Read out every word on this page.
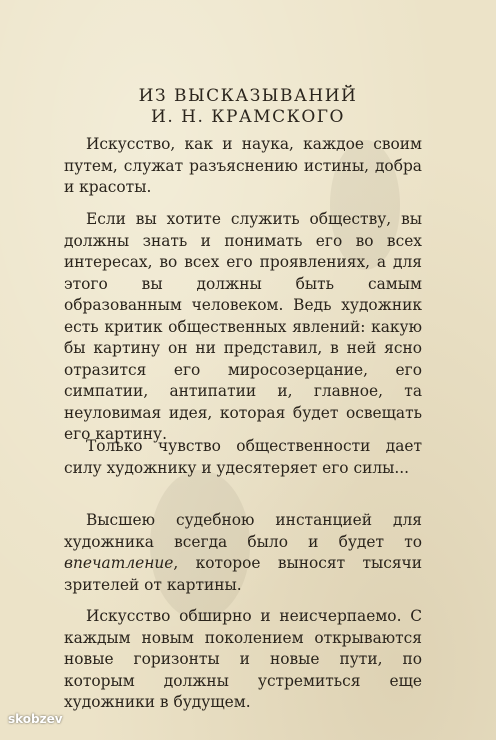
ИЗ ВЫСКАЗЫВАНИЙ
И. Н. КРАМСКОГО

Искусство, как и наука, каждое своим путем, служат разъяснению истины, добра и красоты.

Если вы хотите служить обществу, вы должны знать и понимать его во всех интересах, во всех его проявлениях, а для этого вы должны быть самым образованным человеком. Ведь художник есть критик общественных явлений: какую бы картину он ни представил, в ней ясно отразится его миросозерцание, его симпатии, антипатии и, главное, та неуловимая идея, которая будет освещать его картину.

Только чувство общественности дает силу художнику и удесятеряет его силы...

Высшею судебною инстанцией для художника всегда было и будет то впечатление, которое выносят тысячи зрителей от картины.

Искусство обширно и неисчерпаемо. С каждым новым поколением открываются новые горизонты и новые пути, по которым должны устремиться еще художники в будущем.

skobzev
